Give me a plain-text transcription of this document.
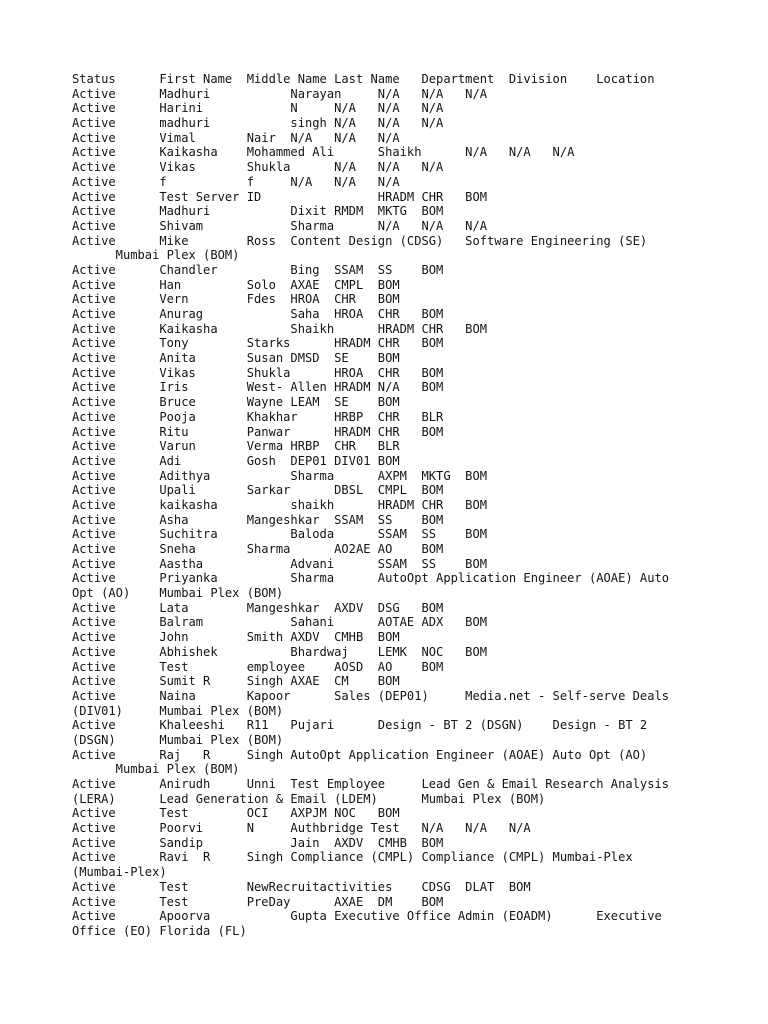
Status      First Name  Middle Name Last Name   Department  Division    Location
Active      Madhuri           Narayan     N/A   N/A   N/A
Active      Harini            N     N/A   N/A   N/A
Active      madhuri           singh N/A   N/A   N/A
Active      Vimal       Nair  N/A   N/A   N/A
Active      Kaikasha    Mohammed Ali      Shaikh      N/A   N/A   N/A
Active      Vikas       Shukla      N/A   N/A   N/A
Active      f           f     N/A   N/A   N/A
Active      Test Server ID                HRADM CHR   BOM
Active      Madhuri           Dixit RMDM  MKTG  BOM
Active      Shivam            Sharma      N/A   N/A   N/A
Active      Mike        Ross  Content Design (CDSG)   Software Engineering (SE)
Mumbai Plex (BOM)
Active      Chandler          Bing  SSAM  SS    BOM
Active      Han         Solo  AXAE  CMPL  BOM
Active      Vern        Fdes  HROA  CHR   BOM
Active      Anurag            Saha  HROA  CHR   BOM
Active      Kaikasha          Shaikh      HRADM CHR   BOM
Active      Tony        Starks      HRADM CHR   BOM
Active      Anita       Susan DMSD  SE    BOM
Active      Vikas       Shukla      HROA  CHR   BOM
Active      Iris        West- Allen HRADM N/A   BOM
Active      Bruce       Wayne LEAM  SE    BOM
Active      Pooja       Khakhar     HRBP  CHR   BLR
Active      Ritu        Panwar      HRADM CHR   BOM
Active      Varun       Verma HRBP  CHR   BLR
Active      Adi         Gosh  DEP01 DIV01 BOM
Active      Adithya           Sharma      AXPM  MKTG  BOM
Active      Upali       Sarkar      DBSL  CMPL  BOM
Active      kaikasha          shaikh      HRADM CHR   BOM
Active      Asha        Mangeshkar  SSAM  SS    BOM
Active      Suchitra          Baloda      SSAM  SS    BOM
Active      Sneha       Sharma      AO2AE AO    BOM
Active      Aastha            Advani      SSAM  SS    BOM
Active      Priyanka          Sharma      AutoOpt Application Engineer (AOAE) Auto
Opt (AO)    Mumbai Plex (BOM)
Active      Lata        Mangeshkar  AXDV  DSG   BOM
Active      Balram            Sahani      AOTAE ADX   BOM
Active      John        Smith AXDV  CMHB  BOM
Active      Abhishek          Bhardwaj    LEMK  NOC   BOM
Active      Test        employee    AOSD  AO    BOM
Active      Sumit R     Singh AXAE  CM    BOM
Active      Naina       Kapoor      Sales (DEP01)     Media.net - Self-serve Deals
(DIV01)     Mumbai Plex (BOM)
Active      Khaleeshi   R11   Pujari      Design - BT 2 (DSGN)    Design - BT 2
(DSGN)      Mumbai Plex (BOM)
Active      Raj   R     Singh AutoOpt Application Engineer (AOAE) Auto Opt (AO)
Mumbai Plex (BOM)
Active      Anirudh     Unni  Test Employee     Lead Gen & Email Research Analysis
(LERA)      Lead Generation & Email (LDEM)      Mumbai Plex (BOM)
Active      Test        OCI   AXPJM NOC   BOM
Active      Poorvi      N     Authbridge Test   N/A   N/A   N/A
Active      Sandip            Jain  AXDV  CMHB  BOM
Active      Ravi  R     Singh Compliance (CMPL) Compliance (CMPL) Mumbai-Plex
(Mumbai-Plex)
Active      Test        NewRecruitactivities    CDSG  DLAT  BOM
Active      Test        PreDay      AXAE  DM    BOM
Active      Apoorva           Gupta Executive Office Admin (EOADM)      Executive
Office (EO) Florida (FL)
